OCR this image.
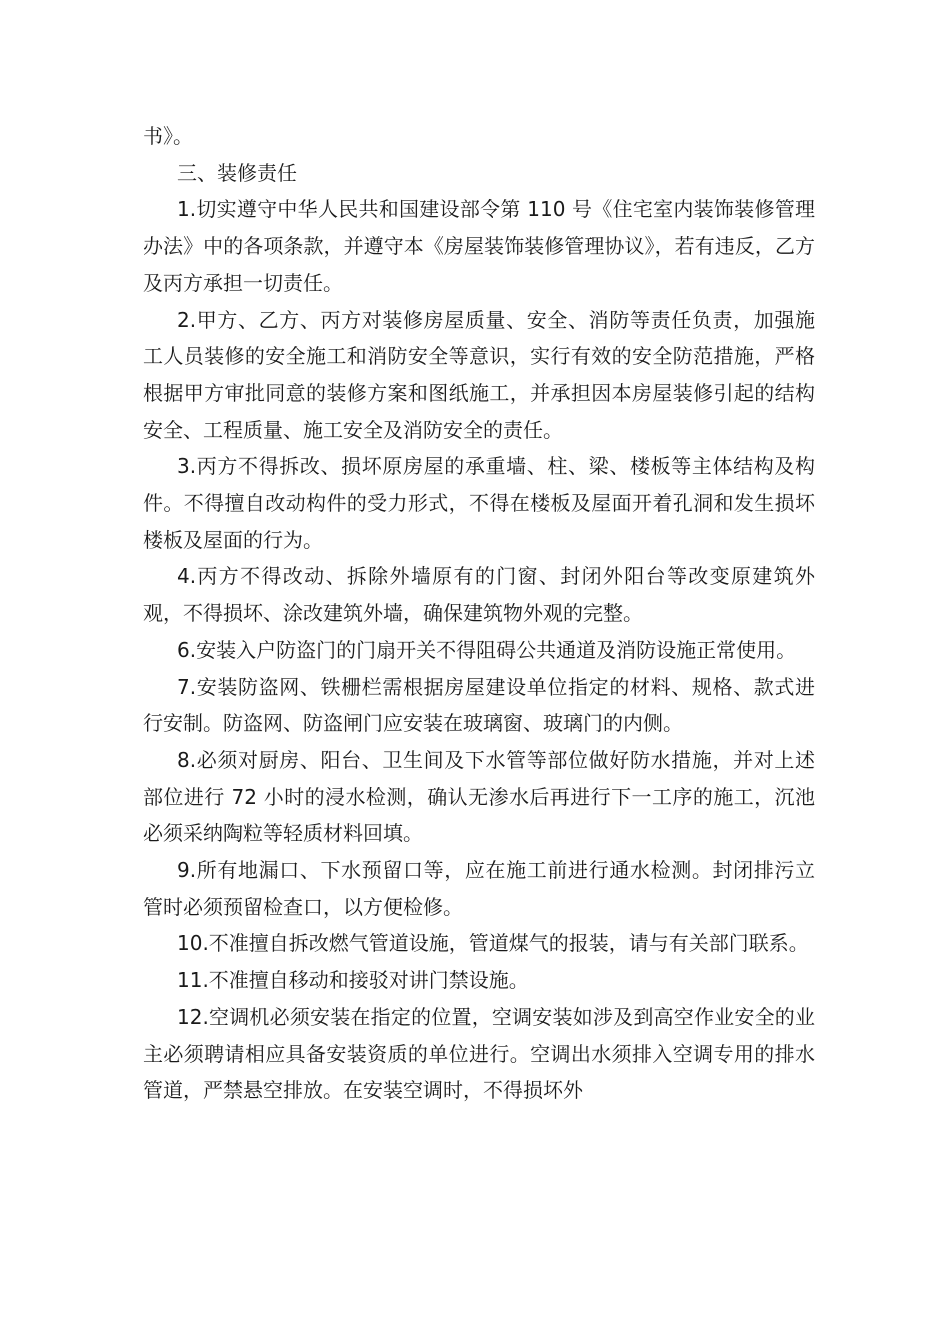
书》。

三、装修责任

1.切实遵守中华人民共和国建设部令第 110 号《住宅室内装饰装修管理办法》中的各项条款，并遵守本《房屋装饰装修管理协议》，若有违反，乙方及丙方承担一切责任。

2.甲方、乙方、丙方对装修房屋质量、安全、消防等责任负责，加强施工人员装修的安全施工和消防安全等意识，实行有效的安全防范措施，严格根据甲方审批同意的装修方案和图纸施工，并承担因本房屋装修引起的结构安全、工程质量、施工安全及消防安全的责任。

3.丙方不得拆改、损坏原房屋的承重墙、柱、梁、楼板等主体结构及构件。不得擅自改动构件的受力形式，不得在楼板及屋面开着孔洞和发生损坏楼板及屋面的行为。

4.丙方不得改动、拆除外墙原有的门窗、封闭外阳台等改变原建筑外观，不得损坏、涂改建筑外墙，确保建筑物外观的完整。

6.安装入户防盗门的门扇开关不得阻碍公共通道及消防设施正常使用。

7.安装防盗网、铁栅栏需根据房屋建设单位指定的材料、规格、款式进行安制。防盗网、防盗闸门应安装在玻璃窗、玻璃门的内侧。

8.必须对厨房、阳台、卫生间及下水管等部位做好防水措施，并对上述部位进行 72 小时的浸水检测，确认无渗水后再进行下一工序的施工，沉池必须采纳陶粒等轻质材料回填。

9.所有地漏口、下水预留口等，应在施工前进行通水检测。封闭排污立管时必须预留检查口，以方便检修。

10.不准擅自拆改燃气管道设施，管道煤气的报装，请与有关部门联系。

11.不准擅自移动和接驳对讲门禁设施。

12.空调机必须安装在指定的位置，空调安装如涉及到高空作业安全的业主必须聘请相应具备安装资质的单位进行。空调出水须排入空调专用的排水管道，严禁悬空排放。在安装空调时，不得损坏外
